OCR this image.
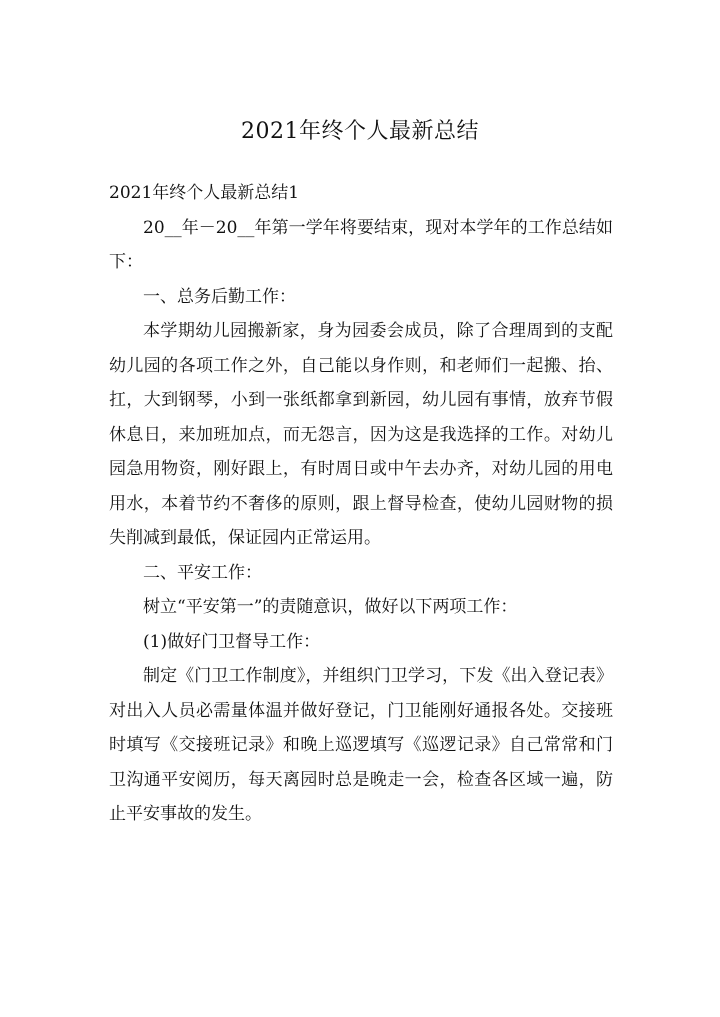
2021年终个人最新总结

2021年终个人最新总结1

20__年－20__年第一学年将要结束，现对本学年的工作总结如下：

一、总务后勤工作：

本学期幼儿园搬新家，身为园委会成员，除了合理周到的支配幼儿园的各项工作之外，自己能以身作则，和老师们一起搬、抬、扛，大到钢琴，小到一张纸都拿到新园，幼儿园有事情，放弃节假休息日，来加班加点，而无怨言，因为这是我选择的工作。对幼儿园急用物资，刚好跟上，有时周日或中午去办齐，对幼儿园的用电用水，本着节约不奢侈的原则，跟上督导检查，使幼儿园财物的损失削减到最低，保证园内正常运用。

二、平安工作：

树立“平安第一”的责随意识，做好以下两项工作：

(1)做好门卫督导工作：

制定《门卫工作制度》，并组织门卫学习，下发《出入登记表》对出入人员必需量体温并做好登记，门卫能刚好通报各处。交接班时填写《交接班记录》和晚上巡逻填写《巡逻记录》自己常常和门卫沟通平安阅历，每天离园时总是晚走一会，检查各区域一遍，防止平安事故的发生。
